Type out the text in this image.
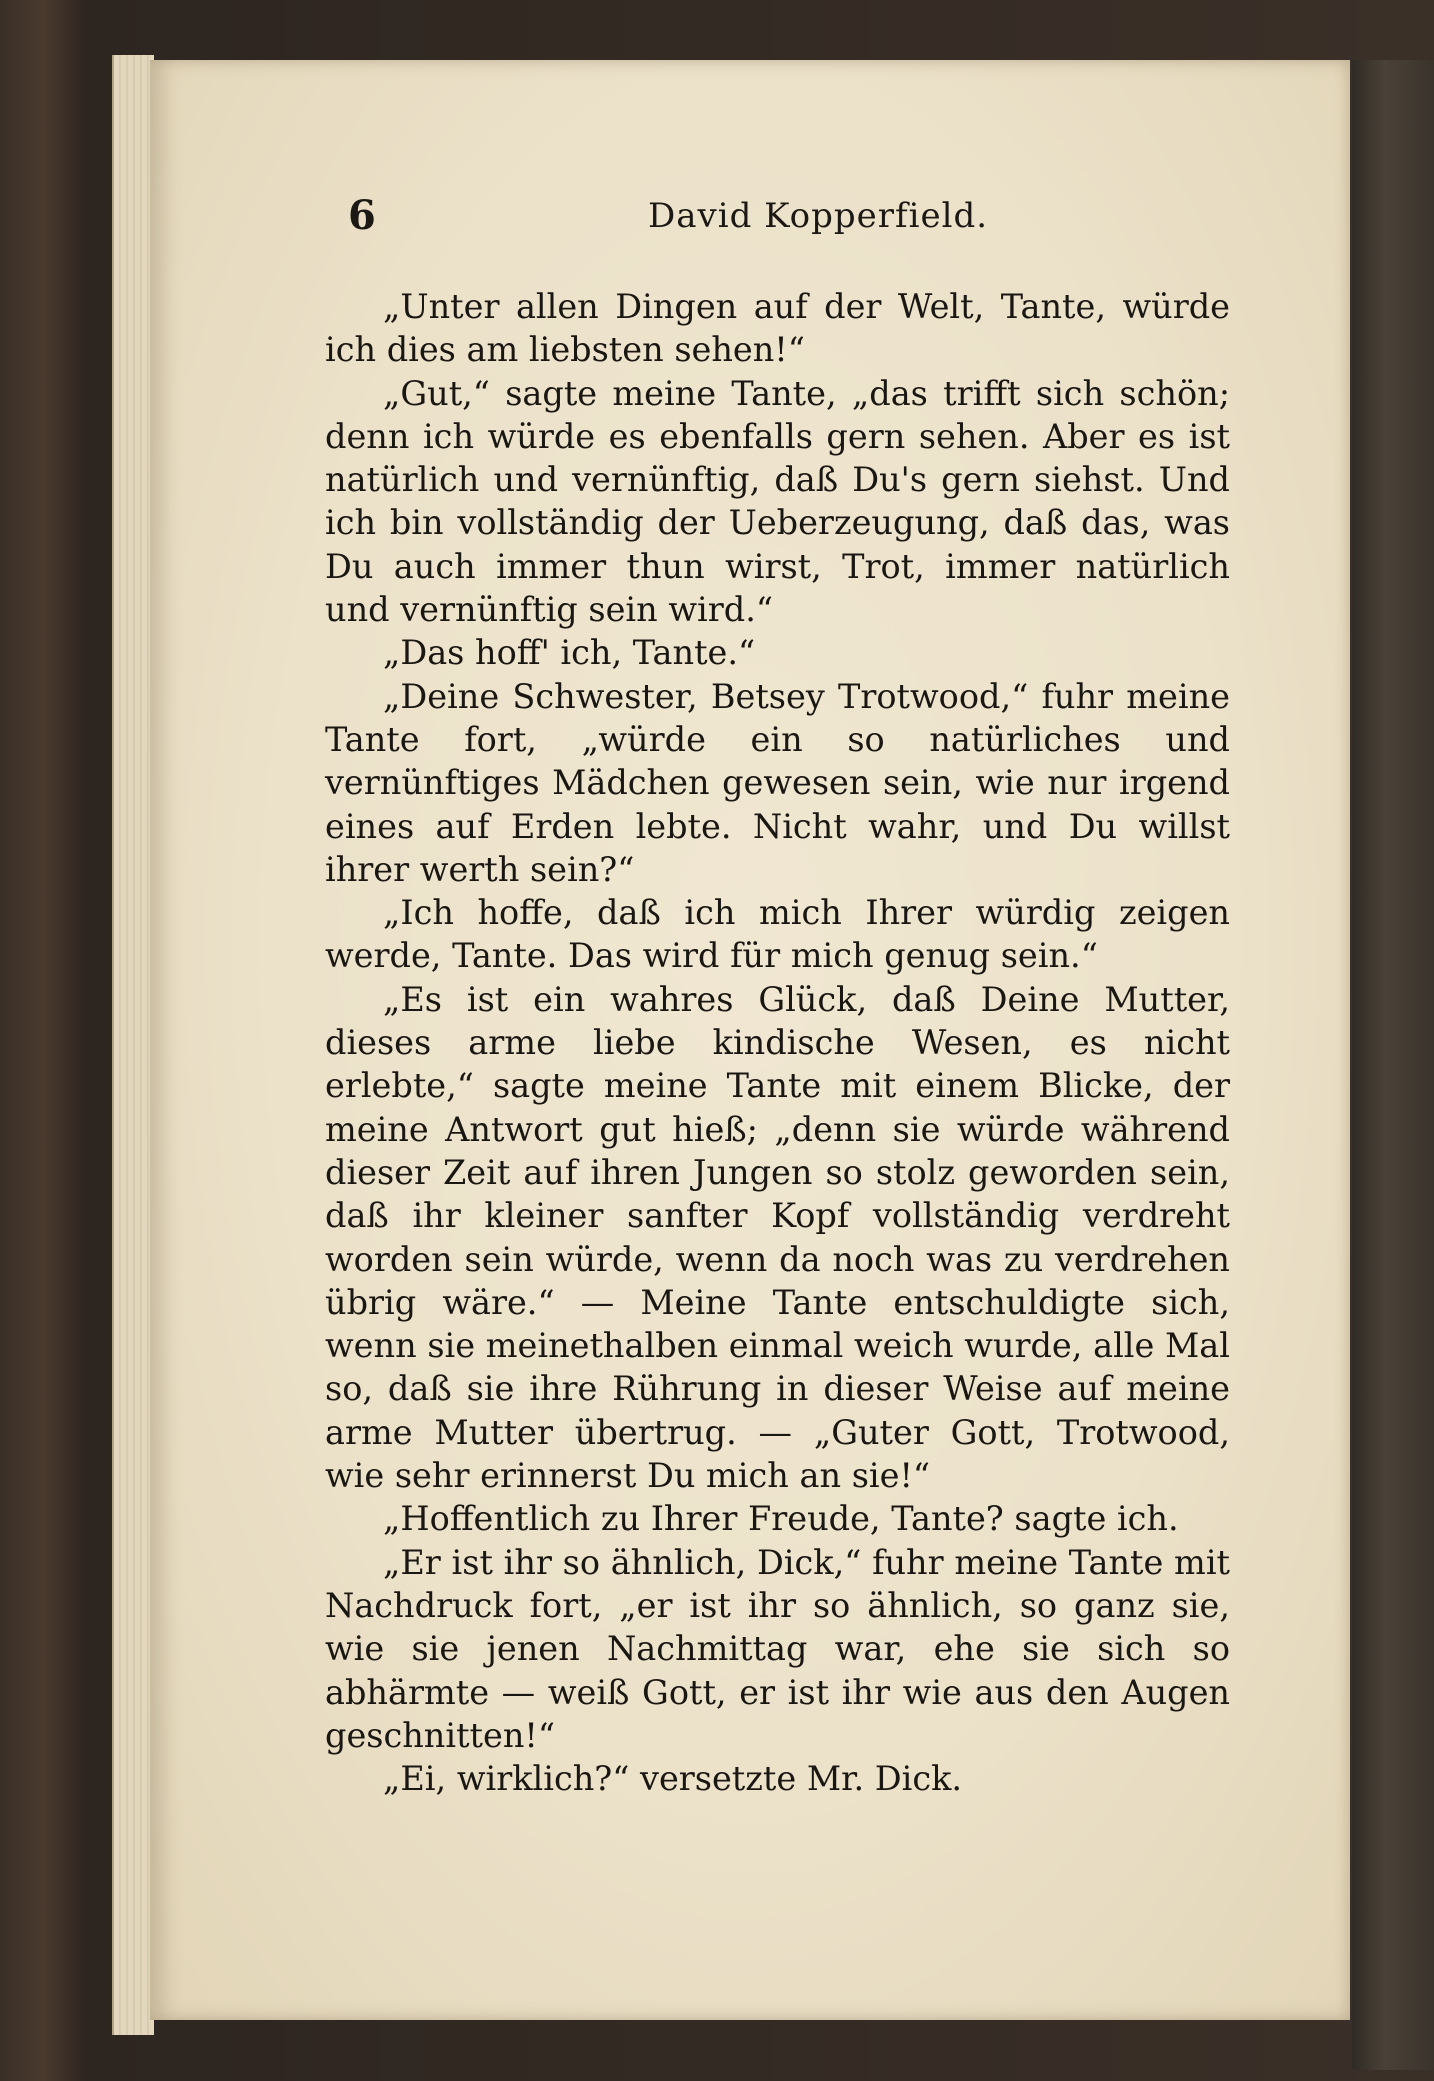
6	David Kopperfield.

„Unter allen Dingen auf der Welt, Tante, würde ich dies am liebsten sehen!“

„Gut,“ sagte meine Tante, „das trifft sich schön; denn ich würde es ebenfalls gern sehen. Aber es ist natürlich und vernünftig, daß Du's gern siehst. Und ich bin vollständig der Ueberzeugung, daß das, was Du auch immer thun wirst, Trot, immer natürlich und vernünftig sein wird.“

„Das hoff' ich, Tante.“

„Deine Schwester, Betsey Trotwood,“ fuhr meine Tante fort, „würde ein so natürliches und vernünftiges Mädchen gewesen sein, wie nur irgend eines auf Erden lebte. Nicht wahr, und Du willst ihrer werth sein?“

„Ich hoffe, daß ich mich Ihrer würdig zeigen werde, Tante. Das wird für mich genug sein.“

„Es ist ein wahres Glück, daß Deine Mutter, dieses arme liebe kindische Wesen, es nicht erlebte,“ sagte meine Tante mit einem Blicke, der meine Antwort gut hieß; „denn sie würde während dieser Zeit auf ihren Jungen so stolz geworden sein, daß ihr kleiner sanfter Kopf vollständig verdreht worden sein würde, wenn da noch was zu verdrehen übrig wäre.“ — Meine Tante entschuldigte sich, wenn sie meinethalben einmal weich wurde, alle Mal so, daß sie ihre Rührung in dieser Weise auf meine arme Mutter übertrug. — „Guter Gott, Trotwood, wie sehr erinnerst Du mich an sie!“

„Hoffentlich zu Ihrer Freude, Tante? sagte ich.

„Er ist ihr so ähnlich, Dick,“ fuhr meine Tante mit Nachdruck fort, „er ist ihr so ähnlich, so ganz sie, wie sie jenen Nachmittag war, ehe sie sich so abhärmte — weiß Gott, er ist ihr wie aus den Augen geschnitten!“

„Ei, wirklich?“ versetzte Mr. Dick.
